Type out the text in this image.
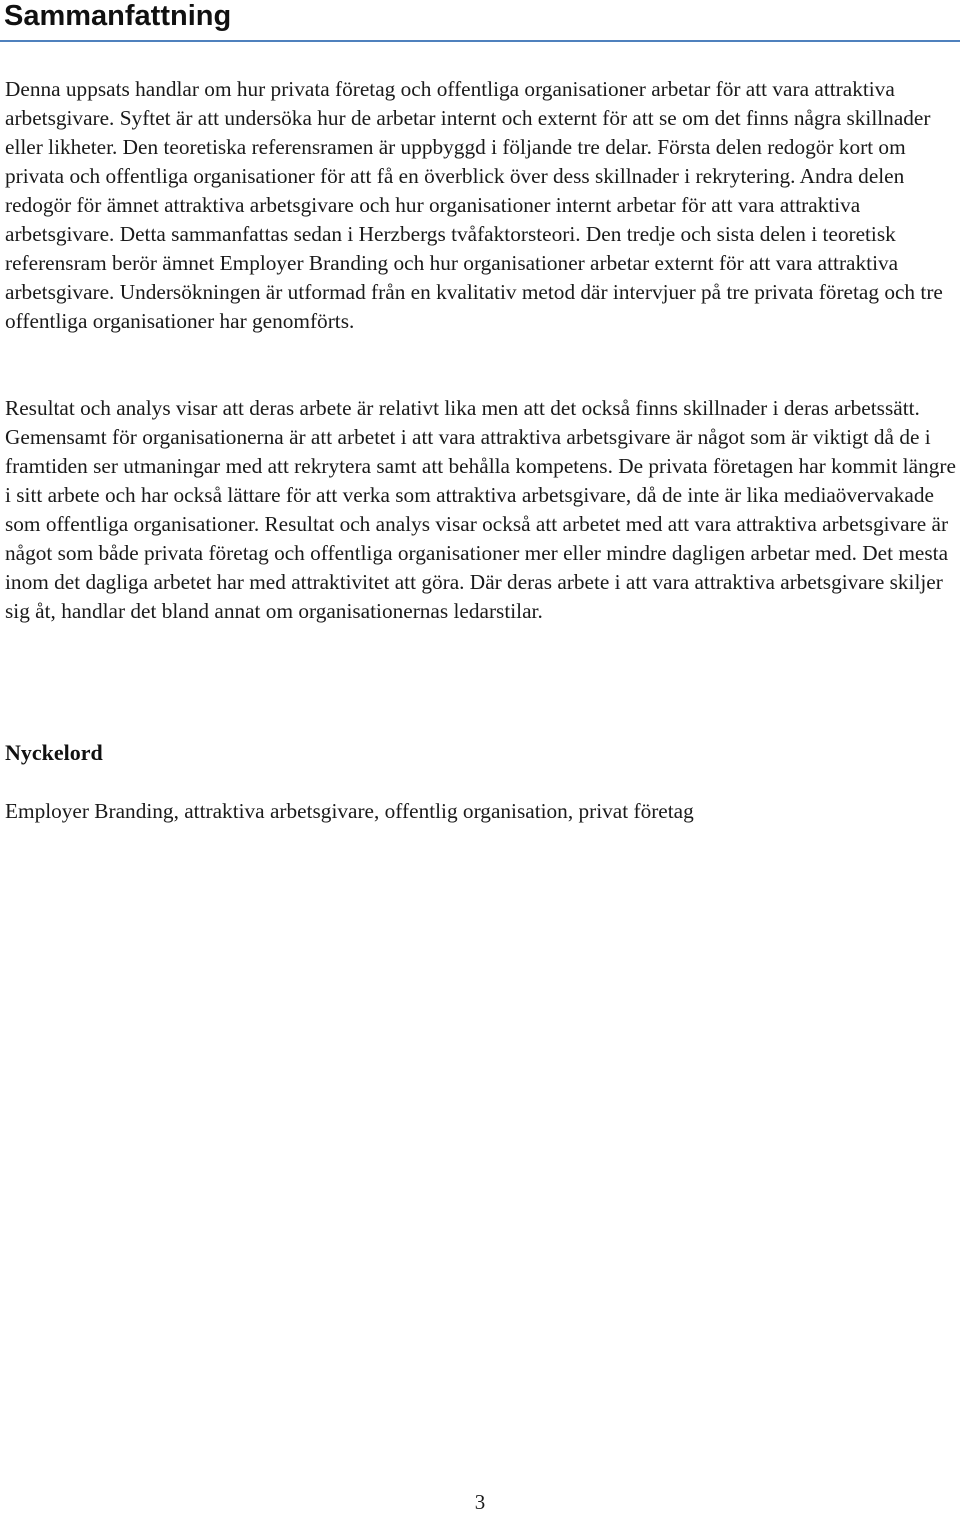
Sammanfattning

Denna uppsats handlar om hur privata företag och offentliga organisationer arbetar för att vara attraktiva arbetsgivare. Syftet är att undersöka hur de arbetar internt och externt för att se om det finns några skillnader eller likheter. Den teoretiska referensramen är uppbyggd i följande tre delar. Första delen redogör kort om privata och offentliga organisationer för att få en överblick över dess skillnader i rekrytering. Andra delen redogör för ämnet attraktiva arbetsgivare och hur organisationer internt arbetar för att vara attraktiva arbetsgivare. Detta sammanfattas sedan i Herzbergs tvåfaktorsteori. Den tredje och sista delen i teoretisk referensram berör ämnet Employer Branding och hur organisationer arbetar externt för att vara attraktiva arbetsgivare. Undersökningen är utformad från en kvalitativ metod där intervjuer på tre privata företag och tre offentliga organisationer har genomförts.

Resultat och analys visar att deras arbete är relativt lika men att det också finns skillnader i deras arbetssätt. Gemensamt för organisationerna är att arbetet i att vara attraktiva arbetsgivare är något som är viktigt då de i framtiden ser utmaningar med att rekrytera samt att behålla kompetens. De privata företagen har kommit längre i sitt arbete och har också lättare för att verka som attraktiva arbetsgivare, då de inte är lika mediaövervakade som offentliga organisationer. Resultat och analys visar också att arbetet med att vara attraktiva arbetsgivare är något som både privata företag och offentliga organisationer mer eller mindre dagligen arbetar med. Det mesta inom det dagliga arbetet har med attraktivitet att göra. Där deras arbete i att vara attraktiva arbetsgivare skiljer sig åt, handlar det bland annat om organisationernas ledarstilar.

Nyckelord

Employer Branding, attraktiva arbetsgivare, offentlig organisation, privat företag

3
